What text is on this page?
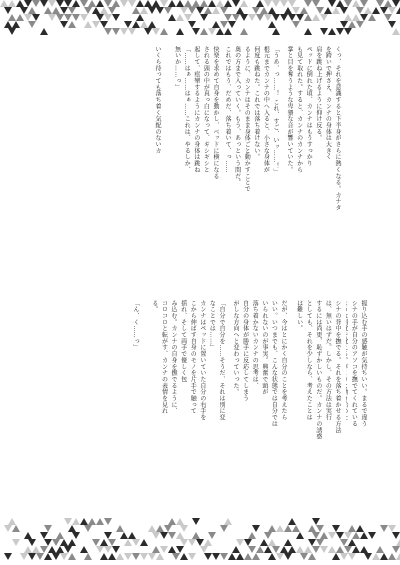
くっ、それを意識すると下半身がさらに熱くなる。カナタ
を跨いで押さえ、カンナの身体は大きく
肩を跳ね上げるように仰け反る。
ペッドに倒れた頃、カンナはもうすっかり
も見て取れた。すると、カンナのカンナから
掌と目を奪うような卑猥な音が響いていた。
「うあ、っ……！ これ、すご、いッ……！」
根元までカンナの中へ入ると、小さな身体が
何度も跳ねた。これでは落ち着けない。
るように、カンナはそのまま身体ごと動かすことで
奥の方まで入っていく。もう、あっという間だ。
これではもう、だめだ、落ち着いて、っ……
快楽を求めて自身を動かし、ベッドに横になる
される頭の中が真っ白になって、ギシギシと
起して、痙攣するようにカンナの身体は跳ね
「……はぁ……はぁ……これは、やるしか、
無いか……っ」
いくら待っても落ち着く気配のないカ
シナの背中を撫でる。それを落ち着かせる方法
は、無いはずだ。しかし、その方法は実行
するには尚更、恥ずかしいものだ。カンナの誘惑
としても、それを少しなら、考えたことは
は難しい。
だが、今はとにかく自分のことを考えたら
いい。いつまでも、こんな状態では自分では
いられないのが事実。興奮で頭が
落ち着かないカンナの思考は、
自分の身体が勝手に反応してしまう
がしな方向へと変わっていった。
「自分で自分を……そうだ、それは別に変
なことでは……」
カンナはペッドに置いていた自分の右手を
こから伸ばす自身のモノを片手で触って
揺れ、そして両手で優しく包
み込む。カンナの自身を撫でるように、
コロコロと転がす、カンナの表情を見れ
る。
「ん、く……っ」	握り込む手の感触が気持ちいい。まるで違う
シナの手が自分のアソコを撫でてくれている
